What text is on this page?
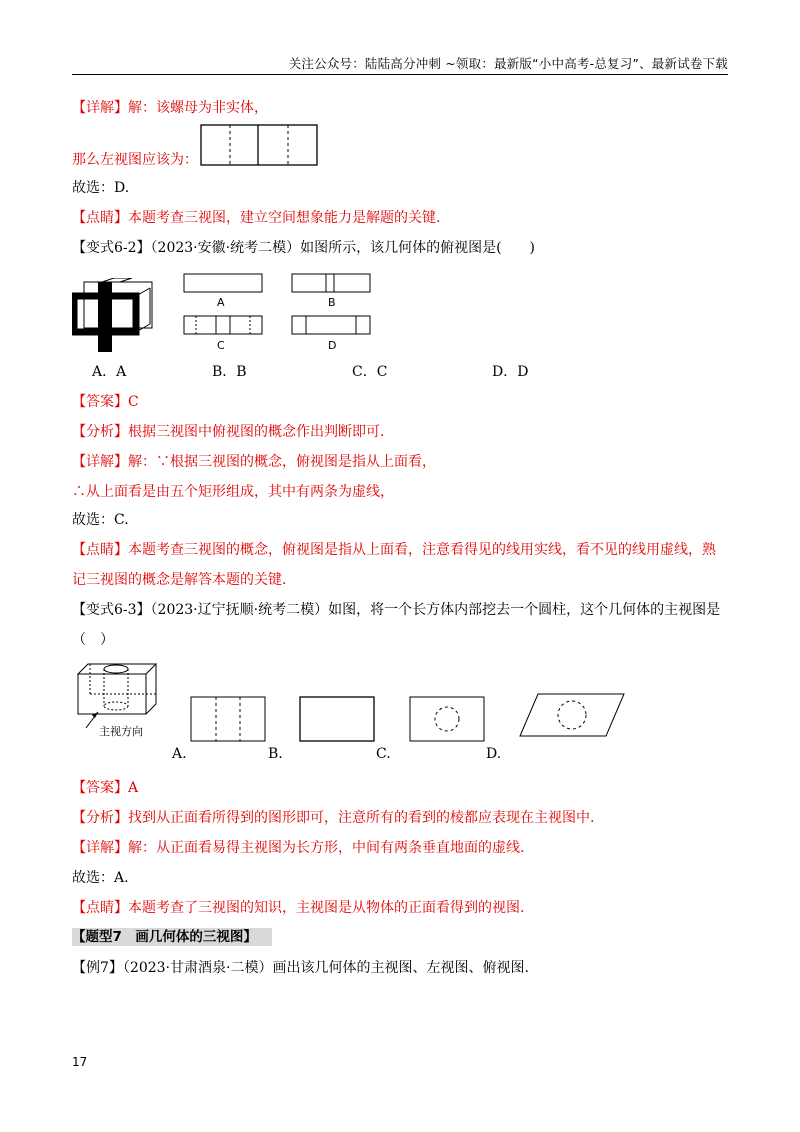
关注公众号：陆陆高分冲刺 ~领取：最新版“小中高考-总复习”、最新试卷下载
【详解】解：该螺母为非实体，
那么左视图应该为：
故选：D.
【点睛】本题考查三视图，建立空间想象能力是解题的关键.
【变式6-2】（2023·安徽·统考二模）如图所示，该几何体的俯视图是(　　)
A	B
C	D
A．A	B．B	C．C	D．D
【答案】C
【分析】根据三视图中俯视图的概念作出判断即可.
【详解】解：∵根据三视图的概念，俯视图是指从上面看，
∴从上面看是由五个矩形组成，其中有两条为虚线，
故选：C.
【点睛】本题考查三视图的概念，俯视图是指从上面看，注意看得见的线用实线，看不见的线用虚线，熟
记三视图的概念是解答本题的关键.
【变式6-3】（2023·辽宁抚顺·统考二模）如图，将一个长方体内部挖去一个圆柱，这个几何体的主视图是
（　）
主视方向
A.	B.	C.	D.
【答案】A
【分析】找到从正面看所得到的图形即可，注意所有的看到的棱都应表现在主视图中.
【详解】解：从正面看易得主视图为长方形，中间有两条垂直地面的虚线.
故选：A.
【点睛】本题考查了三视图的知识，主视图是从物体的正面看得到的视图.
【题型7　画几何体的三视图】
【例7】（2023·甘肃酒泉·二模）画出该几何体的主视图、左视图、俯视图.
17
